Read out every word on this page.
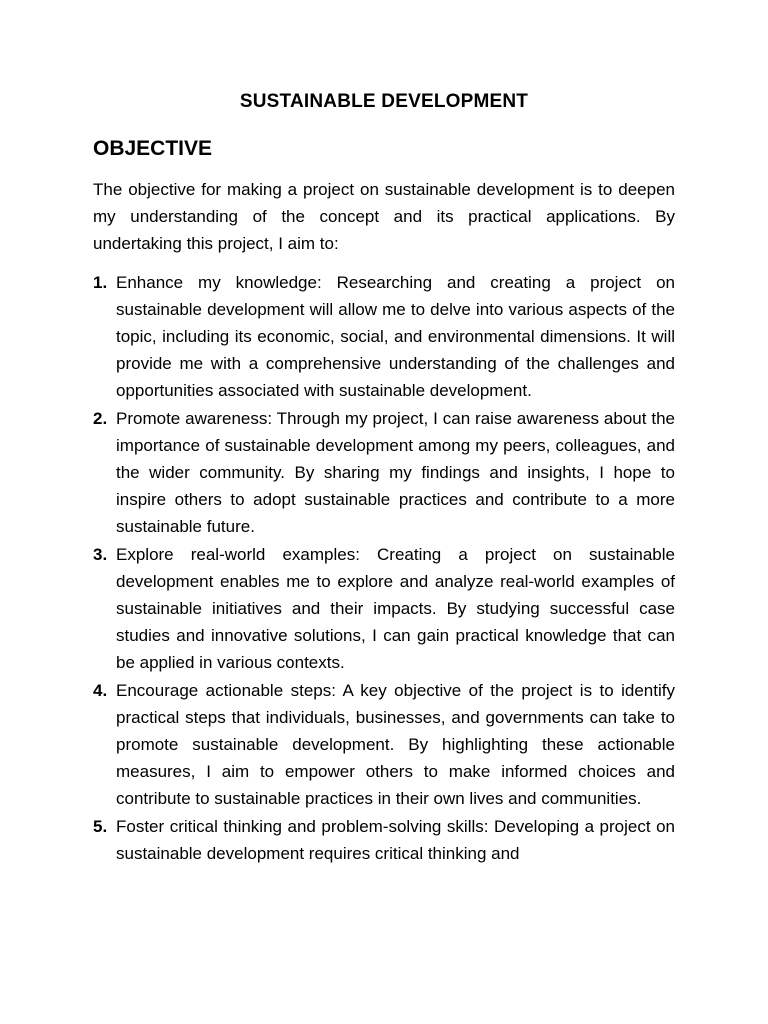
SUSTAINABLE DEVELOPMENT
OBJECTIVE

The objective for making a project on sustainable development is to deepen my understanding of the concept and its practical applications. By undertaking this project, I aim to:

1. Enhance my knowledge: Researching and creating a project on sustainable development will allow me to delve into various aspects of the topic, including its economic, social, and environmental dimensions. It will provide me with a comprehensive understanding of the challenges and opportunities associated with sustainable development.
2. Promote awareness: Through my project, I can raise awareness about the importance of sustainable development among my peers, colleagues, and the wider community. By sharing my findings and insights, I hope to inspire others to adopt sustainable practices and contribute to a more sustainable future.
3. Explore real-world examples: Creating a project on sustainable development enables me to explore and analyze real-world examples of sustainable initiatives and their impacts. By studying successful case studies and innovative solutions, I can gain practical knowledge that can be applied in various contexts.
4. Encourage actionable steps: A key objective of the project is to identify practical steps that individuals, businesses, and governments can take to promote sustainable development. By highlighting these actionable measures, I aim to empower others to make informed choices and contribute to sustainable practices in their own lives and communities.
5. Foster critical thinking and problem-solving skills: Developing a project on sustainable development requires critical thinking and
